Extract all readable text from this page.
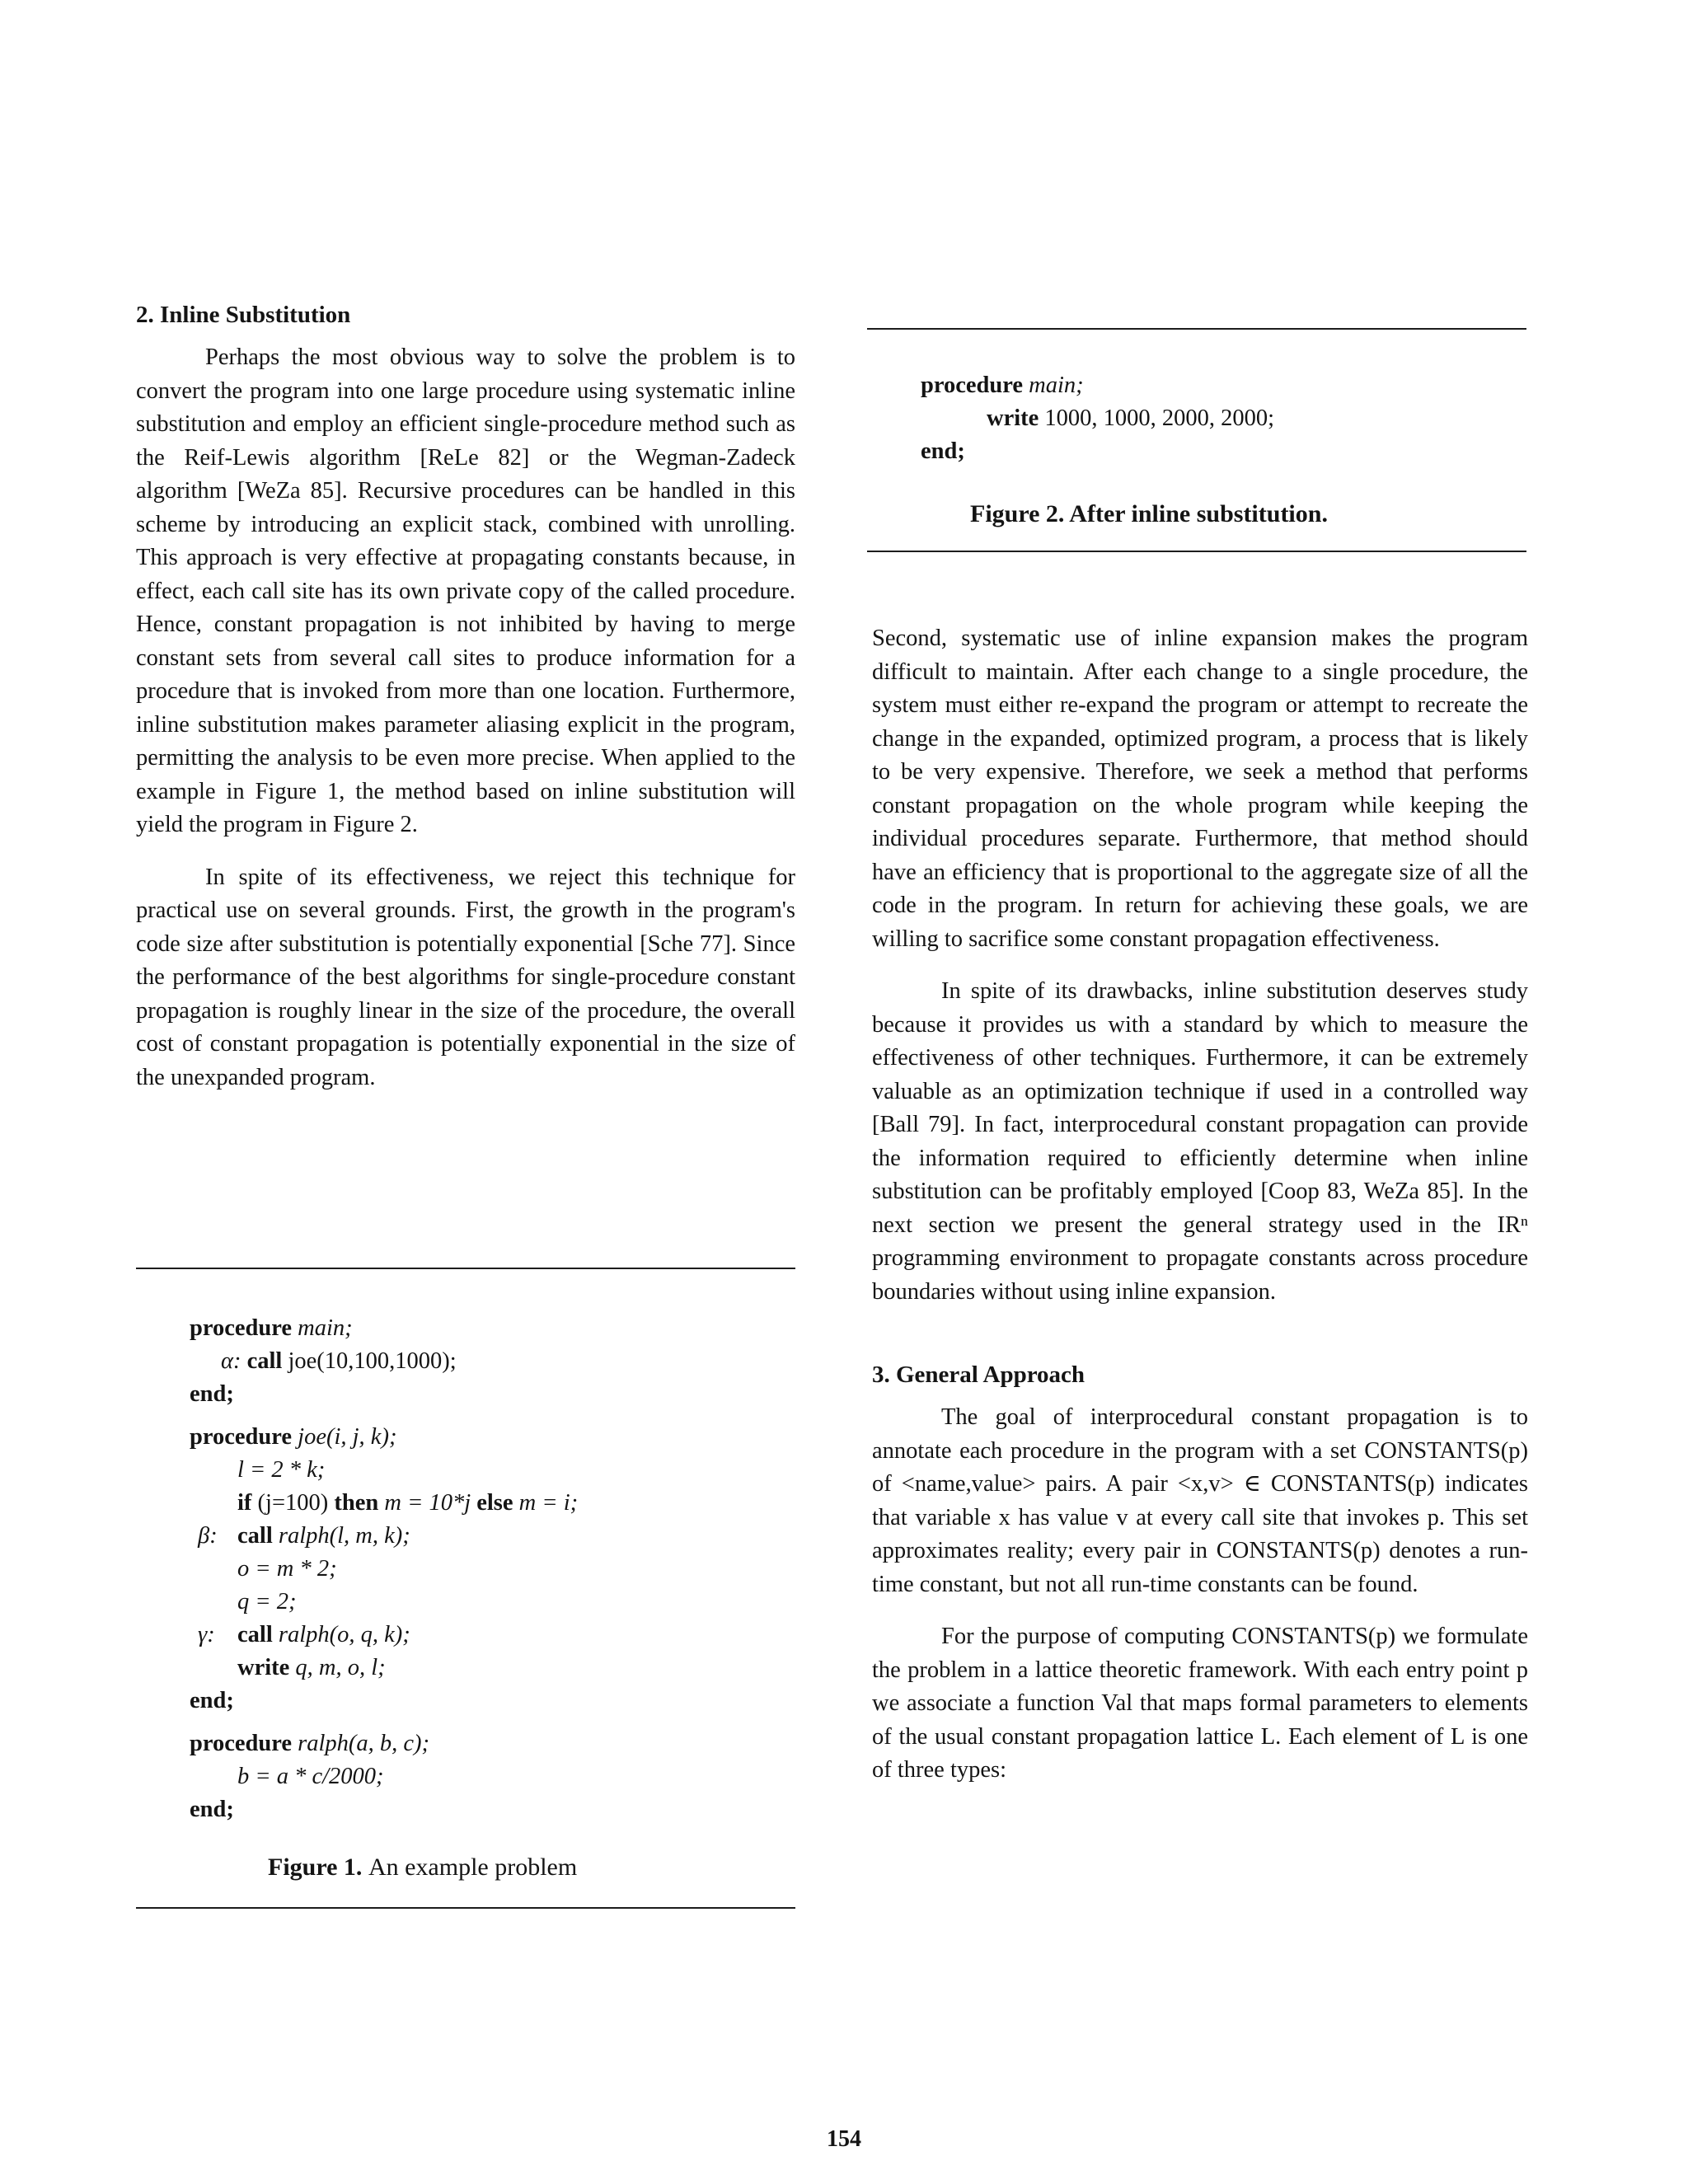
2. Inline Substitution

Perhaps the most obvious way to solve the problem is to convert the program into one large procedure using systematic inline substitution and employ an efficient single-procedure method such as the Reif-Lewis algorithm [ReLe 82] or the Wegman-Zadeck algorithm [WeZa 85]. Recursive procedures can be handled in this scheme by introducing an explicit stack, combined with unrolling. This approach is very effective at propagating constants because, in effect, each call site has its own private copy of the called procedure. Hence, constant propagation is not inhibited by having to merge constant sets from several call sites to produce information for a procedure that is invoked from more than one location. Furthermore, inline substitution makes parameter aliasing explicit in the program, permitting the analysis to be even more precise. When applied to the example in Figure 1, the method based on inline substitution will yield the program in Figure 2.

In spite of its effectiveness, we reject this technique for practical use on several grounds. First, the growth in the program's code size after substitution is potentially exponential [Sche 77]. Since the performance of the best algorithms for single-procedure constant propagation is roughly linear in the size of the procedure, the overall cost of constant propagation is potentially exponential in the size of the unexpanded program.

procedure main;
α: call joe(10,100,1000);
end;
procedure joe(i, j, k);
l = 2 * k;
if (j=100) then m = 10*j else m = i;
β: call ralph(l, m, k);
o = m * 2;
q = 2;
γ: call ralph(o, q, k);
write q, m, o, l;
end;
procedure ralph(a, b, c);
b = a * c/2000;
end;
Figure 1. An example problem
procedure main;
write 1000, 1000, 2000, 2000;
end;
Figure 2. After inline substitution.

Second, systematic use of inline expansion makes the program difficult to maintain. After each change to a single procedure, the system must either re-expand the program or attempt to recreate the change in the expanded, optimized program, a process that is likely to be very expensive. Therefore, we seek a method that performs constant propagation on the whole program while keeping the individual procedures separate. Furthermore, that method should have an efficiency that is proportional to the aggregate size of all the code in the program. In return for achieving these goals, we are willing to sacrifice some constant propagation effectiveness.

In spite of its drawbacks, inline substitution deserves study because it provides us with a standard by which to measure the effectiveness of other techniques. Furthermore, it can be extremely valuable as an optimization technique if used in a controlled way [Ball 79]. In fact, interprocedural constant propagation can provide the information required to efficiently determine when inline substitution can be profitably employed [Coop 83, WeZa 85]. In the next section we present the general strategy used in the IRⁿ programming environment to propagate constants across procedure boundaries without using inline expansion.

3. General Approach

The goal of interprocedural constant propagation is to annotate each procedure in the program with a set CONSTANTS(p) of <name,value> pairs. A pair <x,v> ∈ CONSTANTS(p) indicates that variable x has value v at every call site that invokes p. This set approximates reality; every pair in CONSTANTS(p) denotes a run-time constant, but not all run-time constants can be found.

For the purpose of computing CONSTANTS(p) we formulate the problem in a lattice theoretic framework. With each entry point p we associate a function Val that maps formal parameters to elements of the usual constant propagation lattice L. Each element of L is one of three types:

154
